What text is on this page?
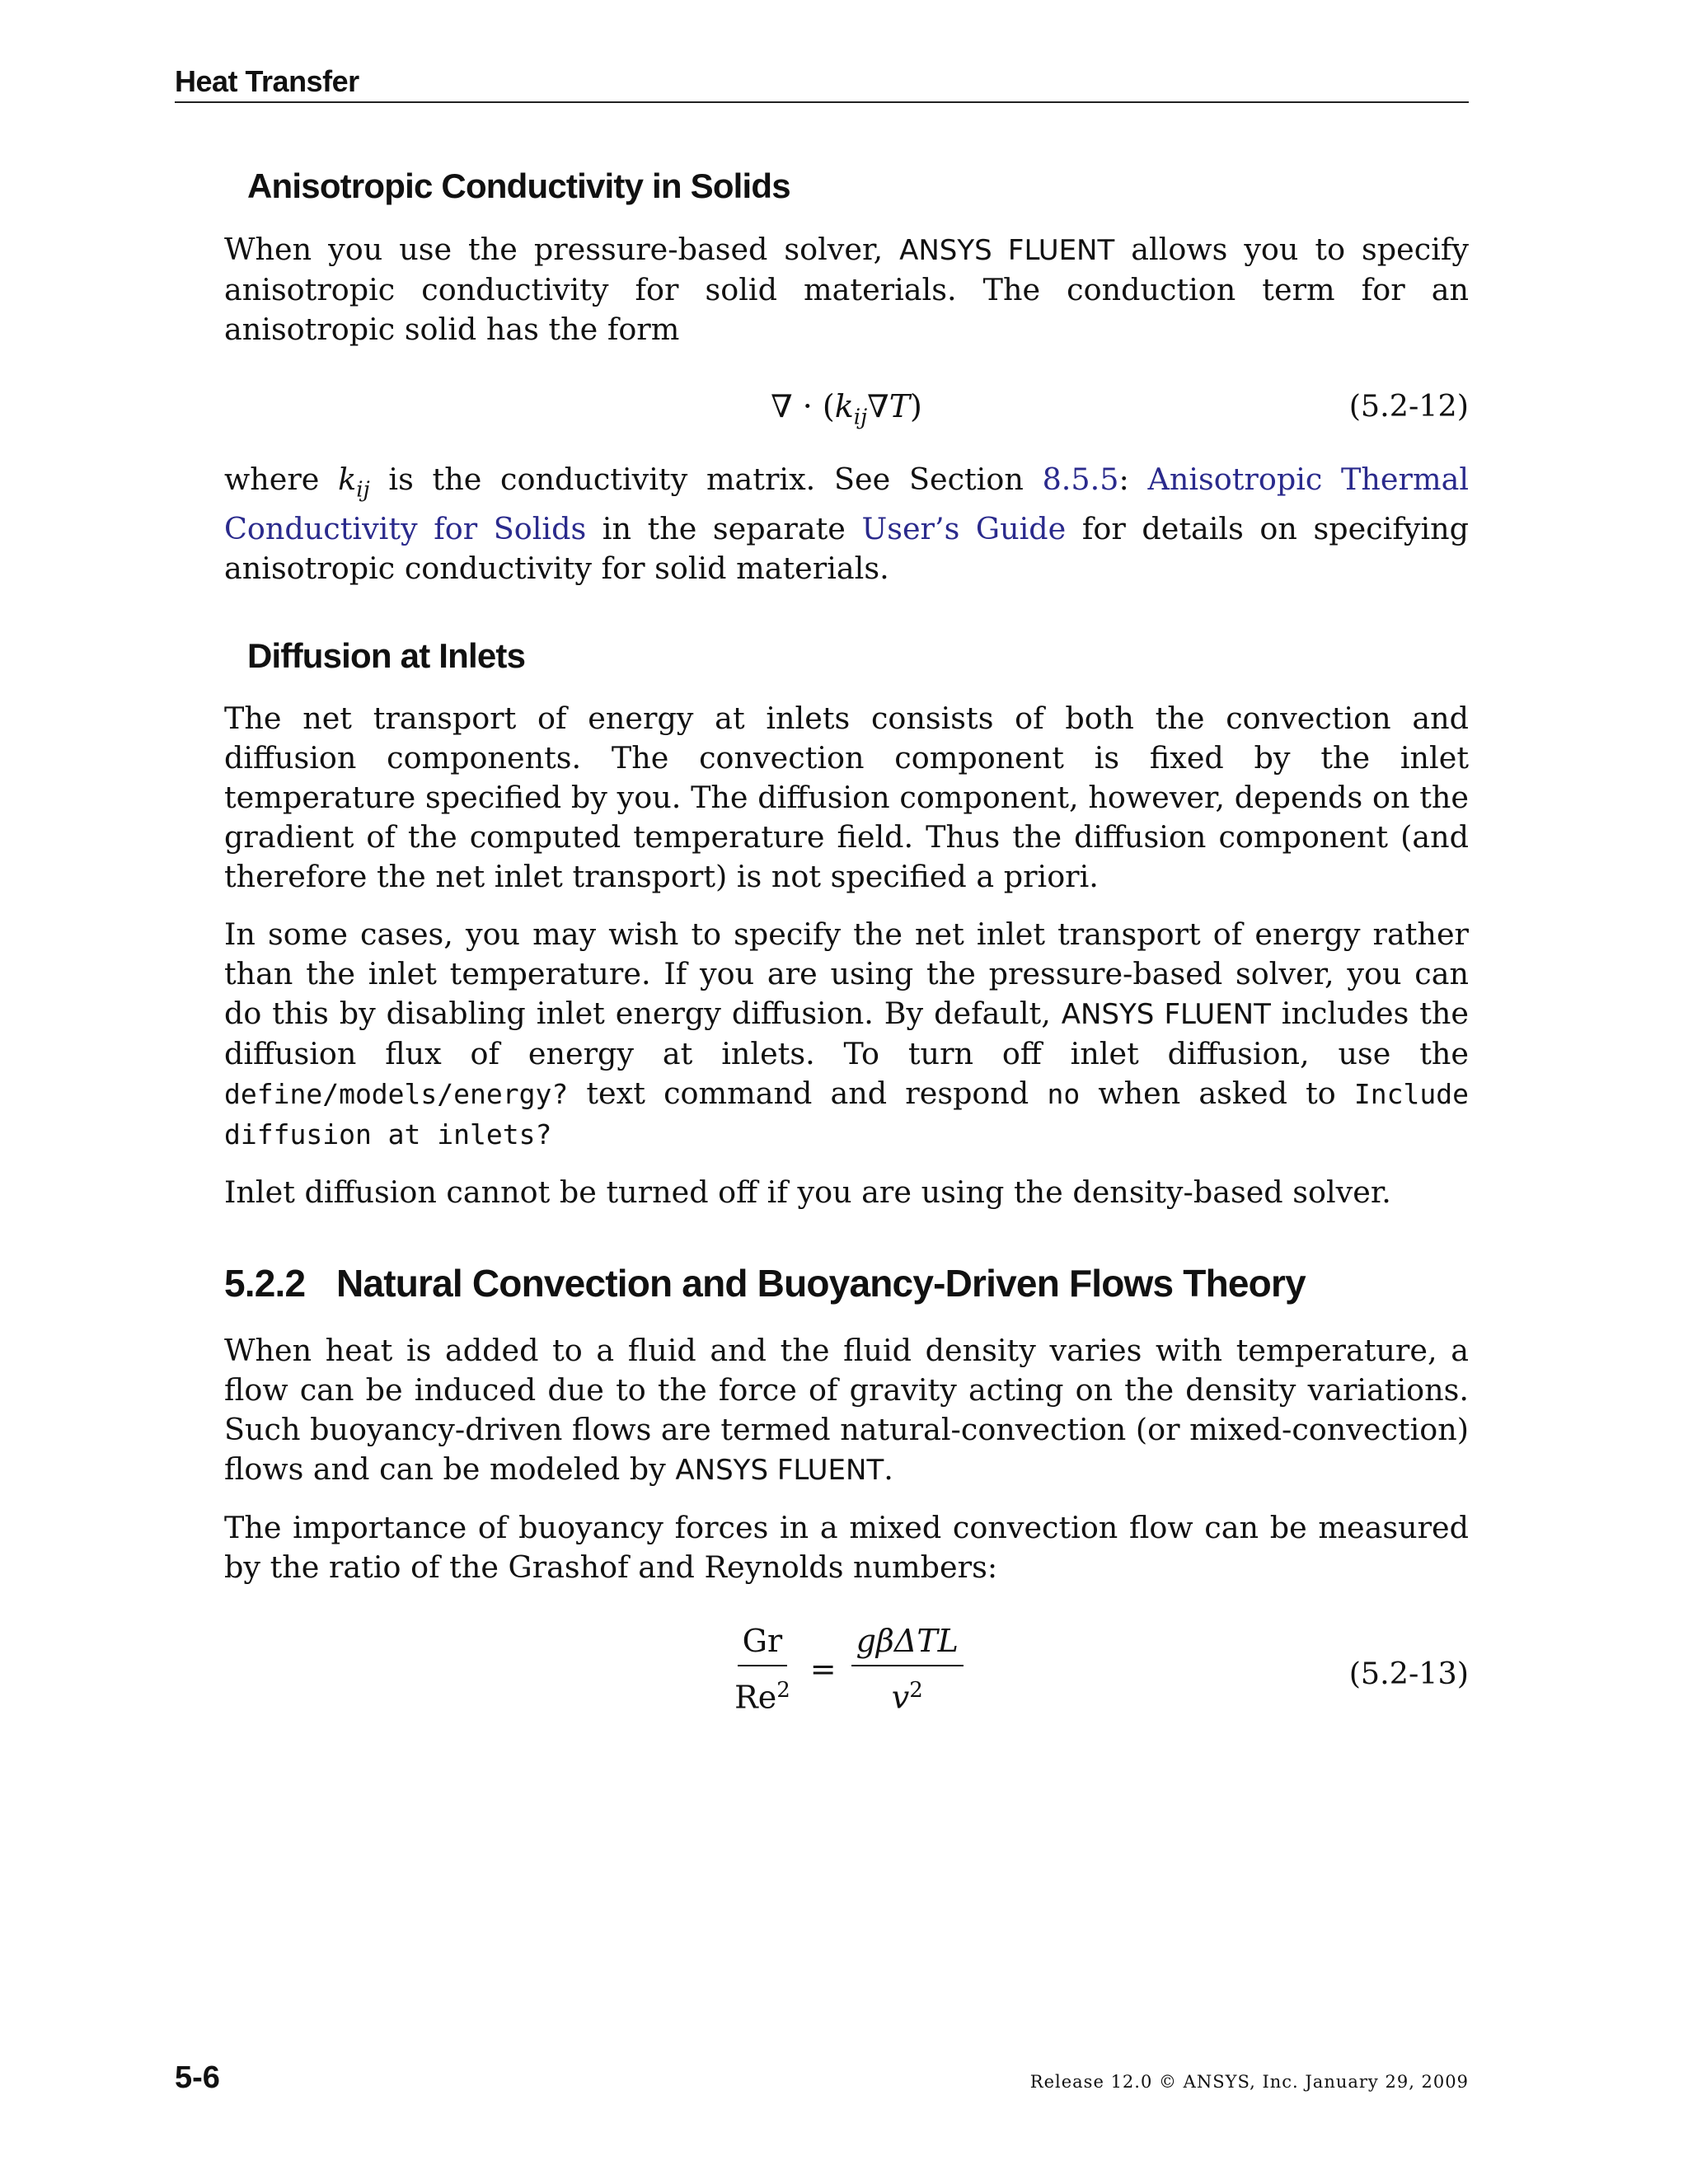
Heat Transfer
Anisotropic Conductivity in Solids

When you use the pressure-based solver, ANSYS FLUENT allows you to specify anisotropic conductivity for solid materials. The conduction term for an anisotropic solid has the form

∇ · $(k_{ij}\nabla T)$	(5.2-12)

where $k_{ij}$ is the conductivity matrix. See Section 8.5.5: Anisotropic Thermal Conductivity for Solids in the separate User’s Guide for details on specifying anisotropic conductivity for solid materials.

Diffusion at Inlets

The net transport of energy at inlets consists of both the convection and diffusion components. The convection component is fixed by the inlet temperature specified by you. The diffusion component, however, depends on the gradient of the computed temperature field. Thus the diffusion component (and therefore the net inlet transport) is not specified a priori.

In some cases, you may wish to specify the net inlet transport of energy rather than the inlet temperature. If you are using the pressure-based solver, you can do this by disabling inlet energy diffusion. By default, ANSYS FLUENT includes the diffusion flux of energy at inlets. To turn off inlet diffusion, use the define/models/energy? text command and respond no when asked to Include diffusion at inlets?

Inlet diffusion cannot be turned off if you are using the density-based solver.

5.2.2 Natural Convection and Buoyancy-Driven Flows Theory

When heat is added to a fluid and the fluid density varies with temperature, a flow can be induced due to the force of gravity acting on the density variations. Such buoyancy-driven flows are termed natural-convection (or mixed-convection) flows and can be modeled by ANSYS FLUENT.

The importance of buoyancy forces in a mixed convection flow can be measured by the ratio of the Grashof and Reynolds numbers:

$\frac{Gr}{Re^2} = \frac{\text{gβΔTL}}{v^2}$	(5.2-13)
5-6	Release 12.0 © ANSYS, Inc. January 29, 2009
